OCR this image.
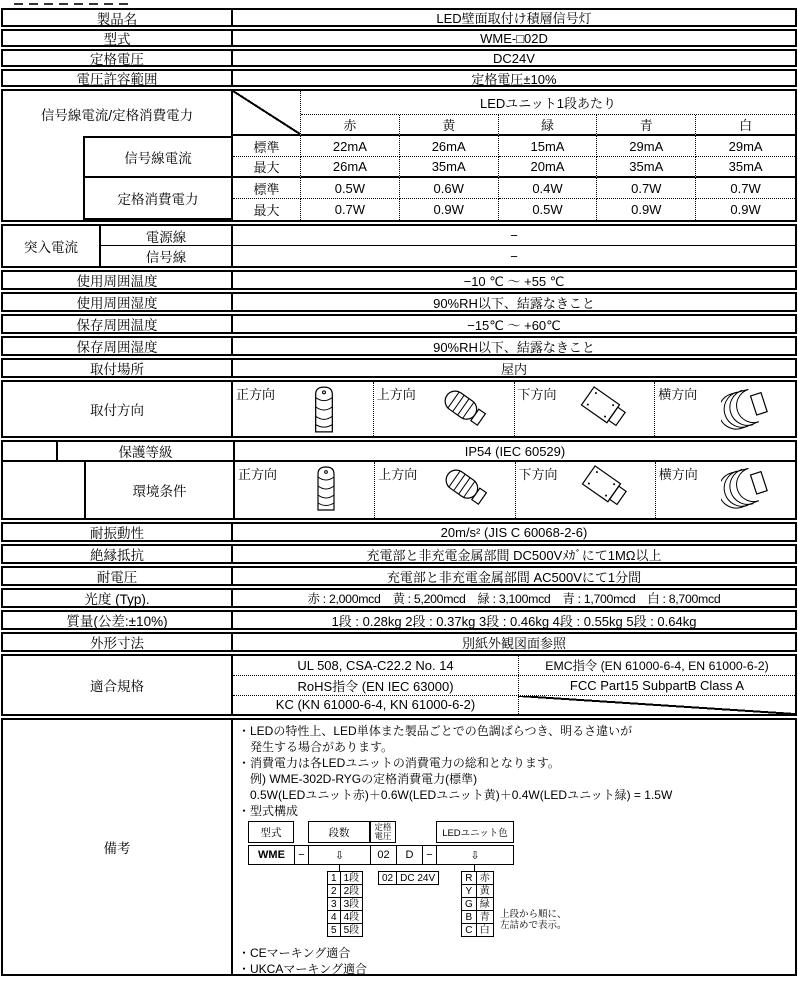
製品名	LED壁面取付け積層信号灯
型式	WME-□02D
定格電圧	DC24V
電圧許容範囲	定格電圧±10%
信号線電流/定格消費電力
LEDユニット1段あたり
赤	黄	緑	青	白
信号線電流
定格消費電力
標準	22mA	26mA	15mA	29mA	29mA
最大	26mA	35mA	20mA	35mA	35mA
標準	0.5W	0.6W	0.4W	0.7W	0.7W
最大	0.7W	0.9W	0.5W	0.9W	0.9W
突入電流
電源線	−
信号線	−
使用周囲温度	−10 ℃ ～ +55 ℃
使用周囲湿度	90%RH以下、結露なきこと
保存周囲温度	−15℃ ～ +60℃
保存周囲湿度	90%RH以下、結露なきこと
取付場所	屋内
取付方向
正方向	上方向	下方向	横方向
保護等級	IP54 (IEC 60529)
環境条件
正方向	上方向	下方向	横方向
耐振動性	20m/s² (JIS C 60068-2-6)
絶縁抵抗	充電部と非充電金属部間 DC500Vﾒｶﾞにて1MΩ以上
耐電圧	充電部と非充電金属部間 AC500Vにて1分間
光度 (Typ).	赤 : 2,000mcd　黄 : 5,200mcd　緑 : 3,100mcd　青 : 1,700mcd　白 : 8,700mcd
質量(公差:±10%)	1段 : 0.28kg 2段 : 0.37kg 3段 : 0.46kg 4段 : 0.55kg 5段 : 0.64kg
外形寸法	別紙外観図面参照
適合規格
UL 508, CSA-C22.2 No. 14	EMC指令 (EN 61000-6-4, EN 61000-6-2)
RoHS指令 (EN IEC 63000)	FCC Part15 SubpartB Class A
KC (KN 61000-6-4, KN 61000-6-2)
備考
・LEDの特性上、LED単体また製品ごとでの色調ばらつき、明るさ違いが
　発生する場合があります。
・消費電力は各LEDユニットの消費電力の総和となります。
　例) WME-302D-RYGの定格消費電力(標準)
　0.5W(LEDユニット赤)＋0.6W(LEDユニット黄)＋0.4W(LEDユニット緑) = 1.5W
・型式構成
型式	段数	定格電圧	LEDユニット色
WME	−	⇩	02	D	−	⇩
1	1段
2	2段
3	3段
4	4段
5	5段
02	DC 24V	R	赤
Y	黄
G	緑
B	青
C	白
上段から順に、
左詰めで表示。
・CEマーキング適合
・UKCAマーキング適合
